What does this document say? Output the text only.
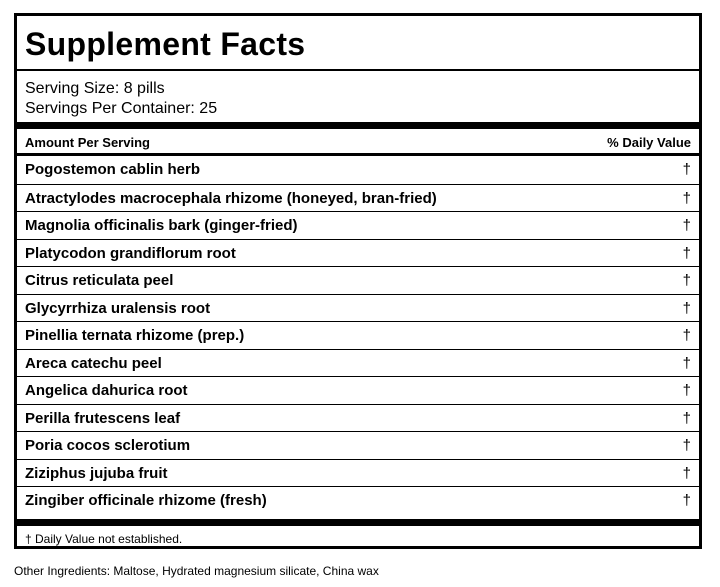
Supplement Facts
Serving Size: 8 pills
Servings Per Container: 25
Amount Per Serving	% Daily Value
Pogostemon cablin herb	†
Atractylodes macrocephala rhizome (honeyed, bran-fried)	†
Magnolia officinalis bark (ginger-fried)	†
Platycodon grandiflorum root	†
Citrus reticulata peel	†
Glycyrrhiza uralensis root	†
Pinellia ternata rhizome (prep.)	†
Areca catechu peel	†
Angelica dahurica root	†
Perilla frutescens leaf	†
Poria cocos sclerotium	†
Ziziphus jujuba fruit	†
Zingiber officinale rhizome (fresh)	†
† Daily Value not established.
Other Ingredients: Maltose, Hydrated magnesium silicate, China wax
